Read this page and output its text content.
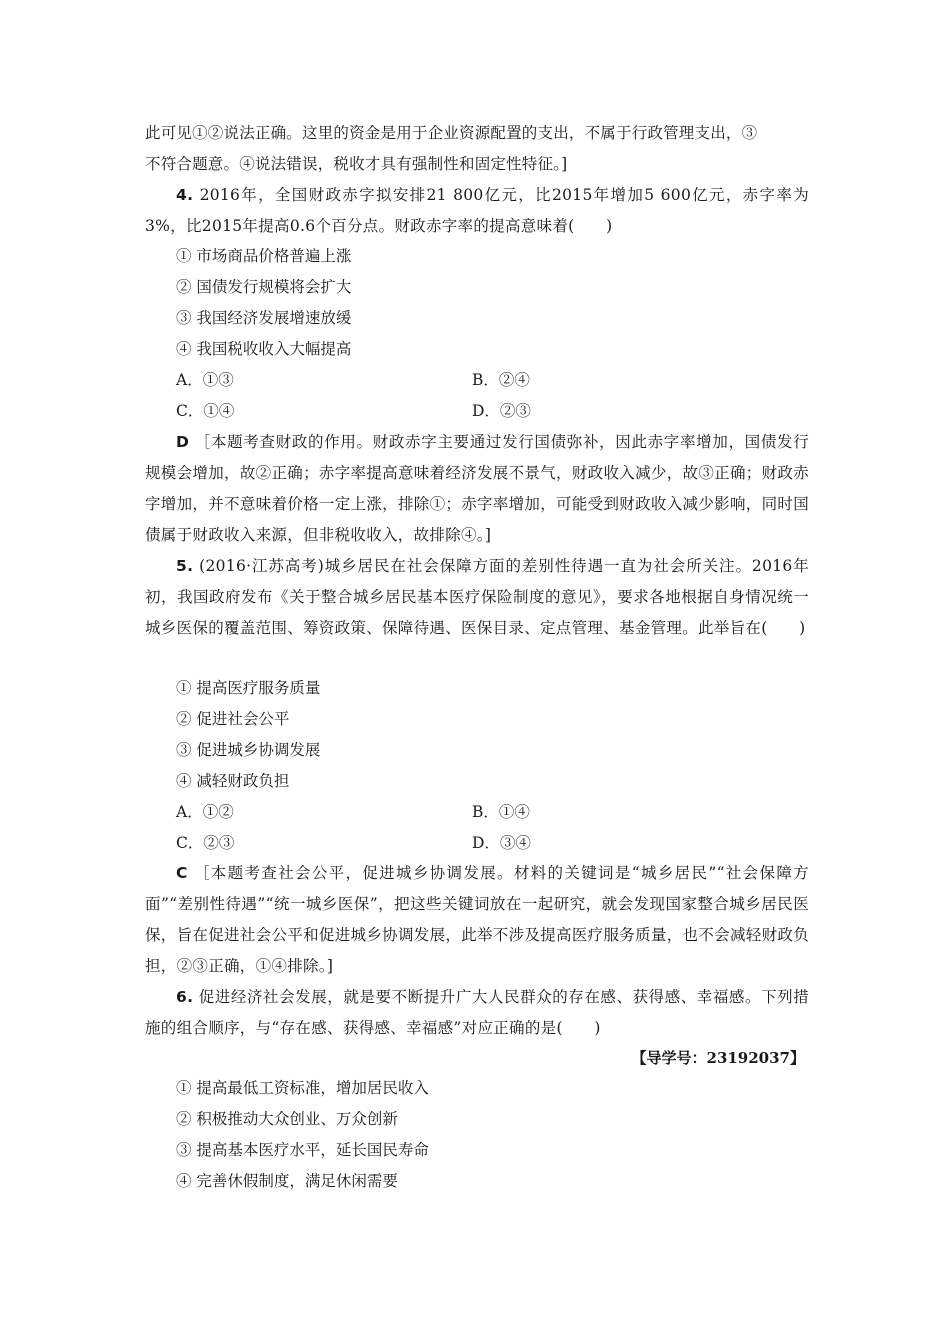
此可见①②说法正确。这里的资金是用于企业资源配置的支出，不属于行政管理支出，③
不符合题意。④说法错误，税收才具有强制性和固定性特征。]
4. 2016年，全国财政赤字拟安排21 800亿元，比2015年增加5 600亿元，赤字率为3%，比2015年提高0.6个百分点。财政赤字率的提高意味着(　　)
① 市场商品价格普遍上涨
② 国债发行规模将会扩大
③ 我国经济发展增速放缓
④ 我国税收收入大幅提高
A．①③	B．②④
C．①④	D．②③
D ［本题考查财政的作用。财政赤字主要通过发行国债弥补，因此赤字率增加，国债发行规模会增加，故②正确；赤字率提高意味着经济发展不景气，财政收入减少，故③正确；财政赤字增加，并不意味着价格一定上涨，排除①；赤字率增加，可能受到财政收入减少影响，同时国债属于财政收入来源，但非税收收入，故排除④。]
5. (2016·江苏高考)城乡居民在社会保障方面的差别性待遇一直为社会所关注。2016年初，我国政府发布《关于整合城乡居民基本医疗保险制度的意见》，要求各地根据自身情况统一城乡医保的覆盖范围、筹资政策、保障待遇、医保目录、定点管理、基金管理。此举旨在(　　)
① 提高医疗服务质量
② 促进社会公平
③ 促进城乡协调发展
④ 减轻财政负担
A．①②	B．①④
C．②③	D．③④
C ［本题考查社会公平，促进城乡协调发展。材料的关键词是“城乡居民”“社会保障方面”“差别性待遇”“统一城乡医保”，把这些关键词放在一起研究，就会发现国家整合城乡居民医保，旨在促进社会公平和促进城乡协调发展，此举不涉及提高医疗服务质量，也不会减轻财政负担，②③正确，①④排除。]
6. 促进经济社会发展，就是要不断提升广大人民群众的存在感、获得感、幸福感。下列措施的组合顺序，与“存在感、获得感、幸福感”对应正确的是(　　)
【导学号：23192037】
① 提高最低工资标准，增加居民收入
② 积极推动大众创业、万众创新
③ 提高基本医疗水平，延长国民寿命
④ 完善休假制度，满足休闲需要
